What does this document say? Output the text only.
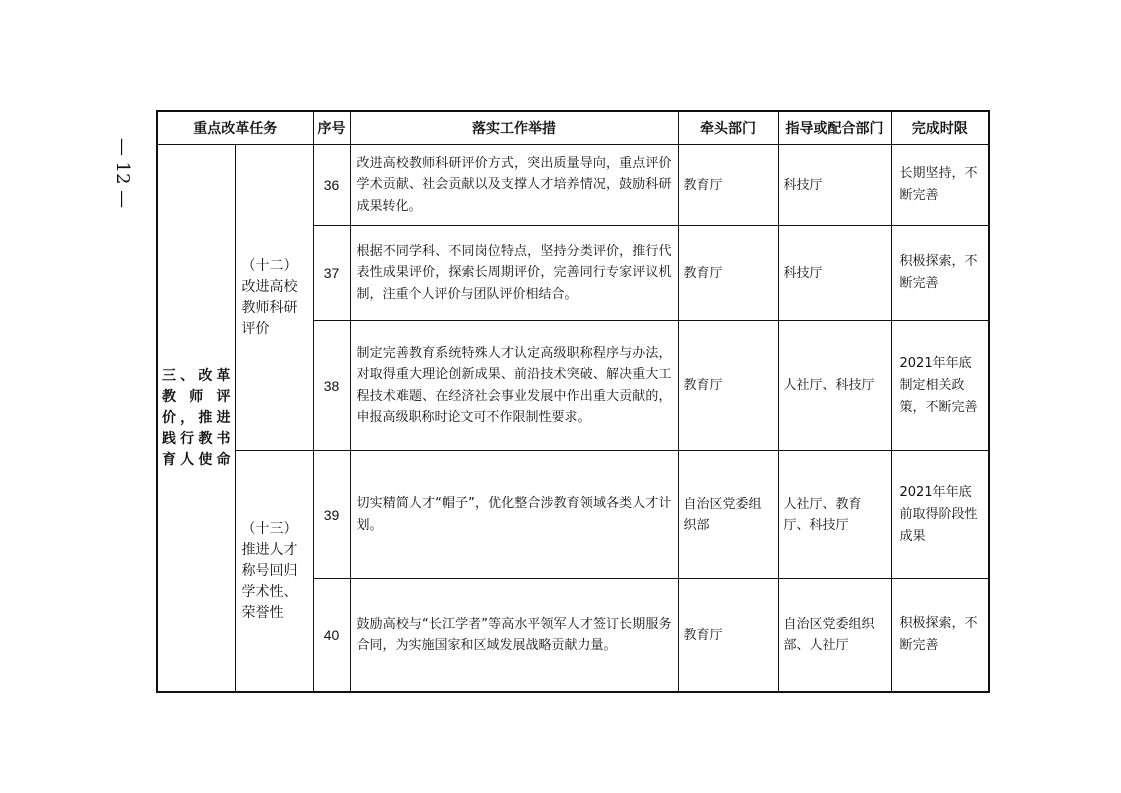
— 12 —
重点改革任务		序号	落实工作举措	牵头部门	指导或配合部门	完成时限

三、改革教师评价，推进践行教书育人使命	（十二）改进高校教师科研评价	36	改进高校教师科研评价方式，突出质量导向，重点评价学术贡献、社会贡献以及支撑人才培养情况，鼓励科研成果转化。	教育厅	科技厅	长期坚持，不断完善
		37	根据不同学科、不同岗位特点，坚持分类评价，推行代表性成果评价，探索长周期评价，完善同行专家评议机制，注重个人评价与团队评价相结合。	教育厅	科技厅	积极探索，不断完善
		38	制定完善教育系统特殊人才认定高级职称程序与办法，对取得重大理论创新成果、前沿技术突破、解决重大工程技术难题、在经济社会事业发展中作出重大贡献的，申报高级职称时论文可不作限制性要求。	教育厅	人社厅、科技厅	2021年年底制定相关政策，不断完善

	（十三）推进人才称号回归学术性、荣誉性	39	切实精简人才“帽子”，优化整合涉教育领域各类人才计划。	自治区党委组织部	人社厅、教育厅、科技厅	2021年年底前取得阶段性成果
		40	鼓励高校与“长江学者”等高水平领军人才签订长期服务合同，为实施国家和区域发展战略贡献力量。	教育厅	自治区党委组织部、人社厅	积极探索，不断完善
